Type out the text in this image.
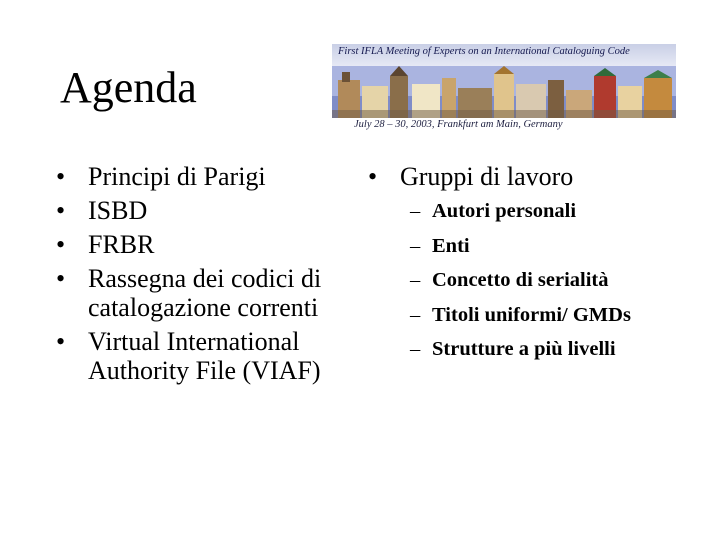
Agenda
First IFLA Meeting of Experts on an International Cataloguing Code
July 28 – 30, 2003, Frankfurt am Main, Germany
• Principi di Parigi
• ISBD
• FRBR
• Rassegna dei codici di catalogazione correnti
• Virtual International Authority File (VIAF)
• Gruppi di lavoro
– Autori personali
– Enti
– Concetto di serialità
– Titoli uniformi/ GMDs
– Strutture a più livelli
